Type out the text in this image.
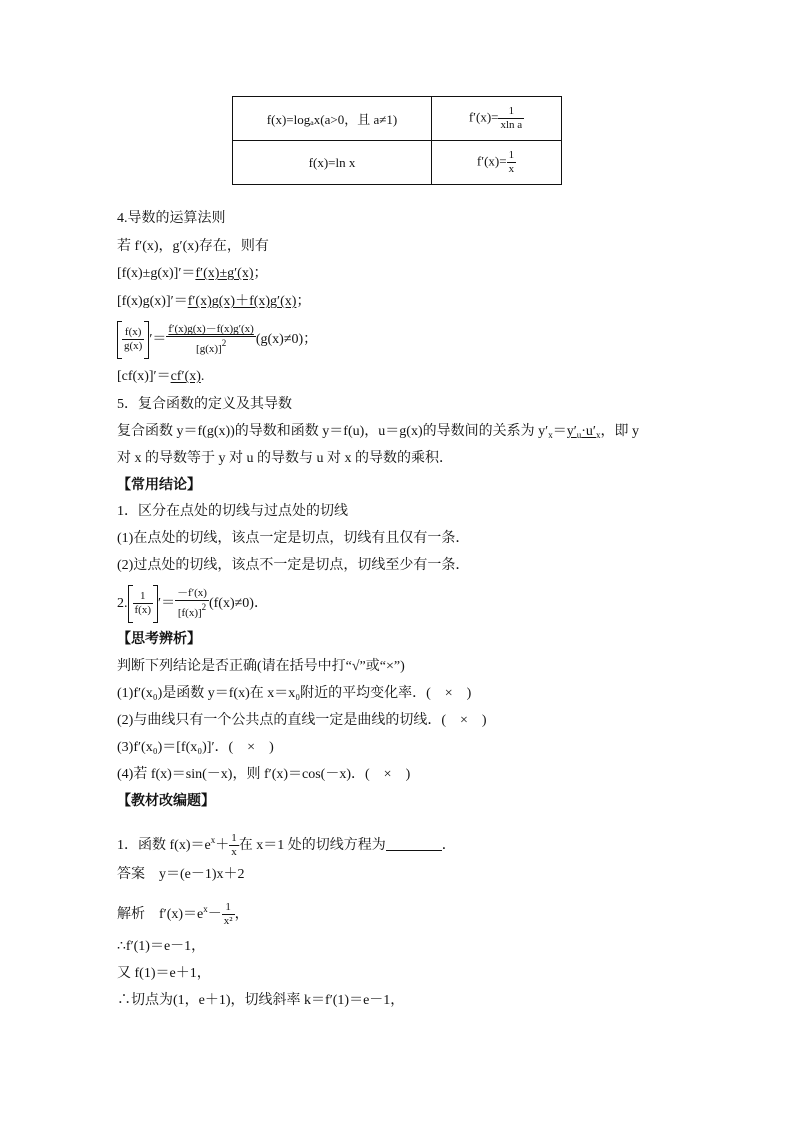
f(x)=logₐx(a>0，且 a≠1)	$f'(x)= \frac{1}{\text{xln a}}$

f(x)=ln x	$f'(x)= \frac{1}{x}$
4.导数的运算法则
若 f′(x)，g′(x)存在，则有
[f(x)±g(x)]′＝f′(x)±g′(x)；
[f(x)g(x)]′＝f′(x)g(x)＋f(x)g′(x)；
$\frac{f(x)}{g(x)}$ ′＝ $\frac{f'(x)g(x)-f(x)g'(x)}{[g(x)]^2} (g(x)\ne 0)$；
[cf(x)]′＝cf′(x).
5．复合函数的定义及其导数
复合函数 y＝f(g(x))的导数和函数 y＝f(u)，u＝g(x)的导数间的关系为 $y'_x=y'_u\cdot u'_x$，即 y
对 x 的导数等于 y 对 u 的导数与 u 对 x 的导数的乘积．
【常用结论】
1．区分在点处的切线与过点处的切线
(1)在点处的切线，该点一定是切点，切线有且仅有一条．
(2)过点处的切线，该点不一定是切点，切线至少有一条．
2. $\frac{1}{f(x)}$ ′＝ $\frac{-f'(x)}{[f(x)]^2} (f(x)\ne 0)$．
【思考辨析】
判断下列结论是否正确(请在括号中打“√”或“×”)
(1)f′(x₀)是函数 y＝f(x)在 x＝x₀附近的平均变化率．(　×　)
(2)与曲线只有一个公共点的直线一定是曲线的切线．(　×　)
(3)f′(x₀)＝[f(x₀)]′．(　×　)
(4)若 f(x)＝sin(－x)，则 f′(x)＝cos(－x)．(　×　)
【教材改编题】
1．函数 $f(x)=e^x+ \frac{1}{x}$ 在 x＝1 处的切线方程为	．
答案　y＝(e－1)x＋2
解析　$f'(x)=e^x- \frac{1}{\text{x²}}$ ，
∴f′(1)＝e－1，
又 f(1)＝e＋1，
∴切点为(1，e＋1)，切线斜率 k＝f′(1)＝e－1，
